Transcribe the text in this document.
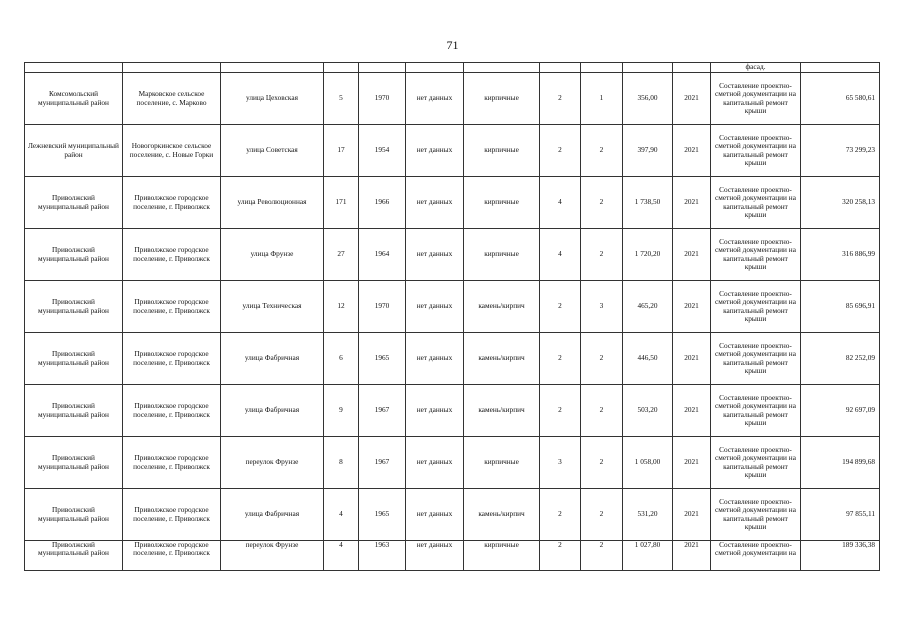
71
											фасад.	
Комсомольский муниципальный район	Марковское сельское поселение, с. Марково	улица Цеховская	5	1970	нет данных	кирпичные	2	1	356,00	2021	Составление проектно-сметной документации на капитальный ремонт крыши	65 580,61
Лежневский муниципальный район	Новогоркинское сельское поселение, с. Новые Горки	улица Советская	17	1954	нет данных	кирпичные	2	2	397,90	2021	Составление проектно-сметной документации на капитальный ремонт крыши	73 299,23
Приволжский муниципальный район	Приволжское городское поселение, г. Приволжск	улица Революционная	171	1966	нет данных	кирпичные	4	2	1 738,50	2021	Составление проектно-сметной документации на капитальный ремонт крыши	320 258,13
Приволжский муниципальный район	Приволжское городское поселение, г. Приволжск	улица Фрунзе	27	1964	нет данных	кирпичные	4	2	1 720,20	2021	Составление проектно-сметной документации на капитальный ремонт крыши	316 886,99
Приволжский муниципальный район	Приволжское городское поселение, г. Приволжск	улица Техническая	12	1970	нет данных	камень/кирпич	2	3	465,20	2021	Составление проектно-сметной документации на капитальный ремонт крыши	85 696,91
Приволжский муниципальный район	Приволжское городское поселение, г. Приволжск	улица Фабричная	6	1965	нет данных	камень/кирпич	2	2	446,50	2021	Составление проектно-сметной документации на капитальный ремонт крыши	82 252,09
Приволжский муниципальный район	Приволжское городское поселение, г. Приволжск	улица Фабричная	9	1967	нет данных	камень/кирпич	2	2	503,20	2021	Составление проектно-сметной документации на капитальный ремонт крыши	92 697,09
Приволжский муниципальный район	Приволжское городское поселение, г. Приволжск	переулок Фрунзе	8	1967	нет данных	кирпичные	3	2	1 058,00	2021	Составление проектно-сметной документации на капитальный ремонт крыши	194 899,68
Приволжский муниципальный район	Приволжское городское поселение, г. Приволжск	улица Фабричная	4	1965	нет данных	камень/кирпич	2	2	531,20	2021	Составление проектно-сметной документации на капитальный ремонт крыши	97 855,11
Приволжский муниципальный район	Приволжское городское поселение, г. Приволжск	переулок Фрунзе	4	1963	нет данных	кирпичные	2	2	1 027,80	2021	Составление проектно-сметной документации на	189 336,38
